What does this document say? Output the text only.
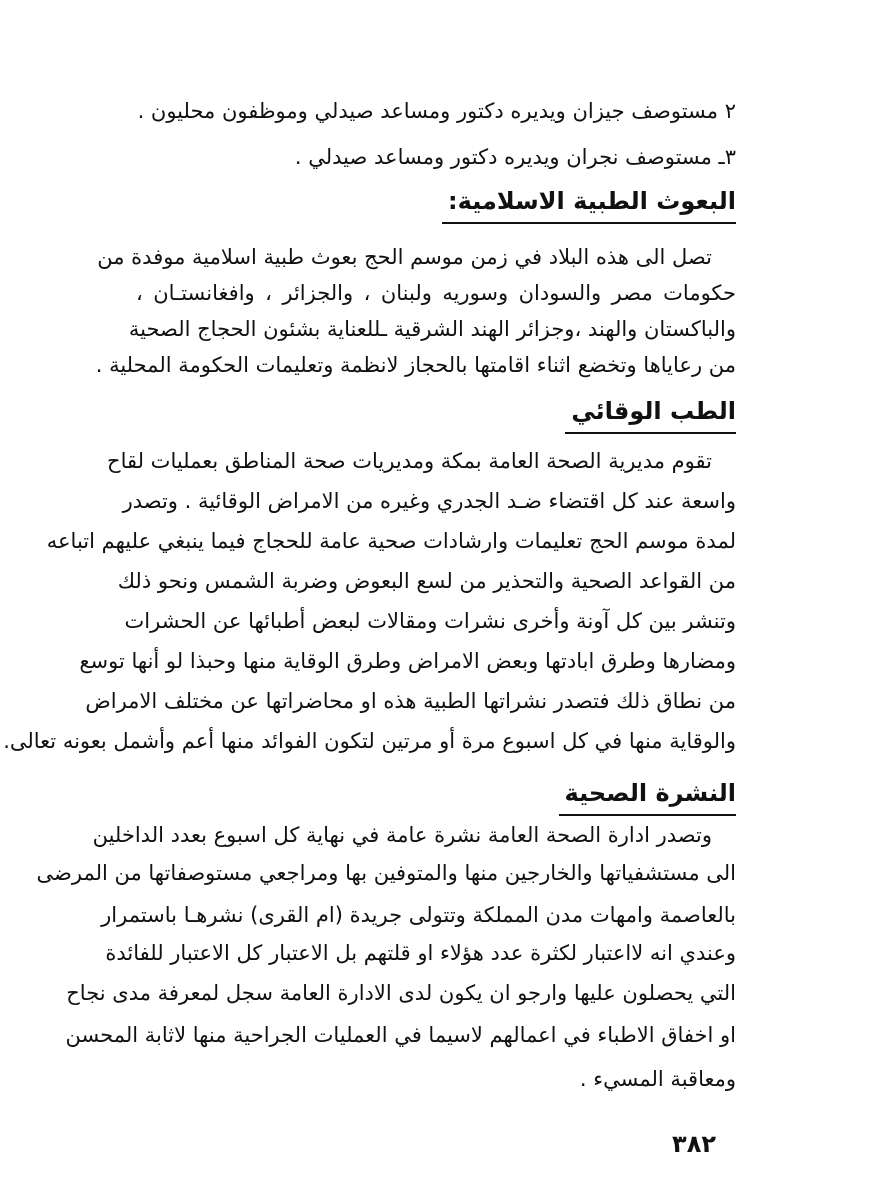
٢ مستوصف جيزان ويديره دكتور ومساعد صيدلي وموظفون محليون .
٣ـ مستوصف نجران ويديره دكتور ومساعد صيدلي .
البعوث الطبية الاسلامية:
تصل الى هذه البلاد في زمن موسم الحج بعوث طبية اسلامية موفدة من
حكومات مصر والسودان وسوريه ولبنان ، والجزائر ، وافغانستـان ،
والباكستان والهند ،وجزائر الهند الشرقية ـللعناية بشئون الحجاج الصحية
من رعاياها وتخضع اثناء اقامتها بالحجاز لانظمة وتعليمات الحكومة المحلية .
الطب الوقائي
تقوم مديرية الصحة العامة بمكة ومديريات صحة المناطق بعمليات لقاح
واسعة عند كل اقتضاء ضـد الجدري وغيره من الامراض الوقائية . وتصدر
لمدة موسم الحج تعليمات وارشادات صحية عامة للحجاج فيما ينبغي عليهم اتباعه
من القواعد الصحية والتحذير من لسع البعوض وضربة الشمس ونحو ذلك
وتنشر بين كل آونة وأخرى نشرات ومقالات لبعض أطبائها عن الحشرات
ومضارها وطرق ابادتها وبعض الامراض وطرق الوقاية منها وحبذا لو أنها توسع
من نطاق ذلك فتصدر نشراتها الطبية هذه او محاضراتها عن مختلف الامراض
والوقاية منها في كل اسبوع مرة أو مرتين لتكون الفوائد منها أعم وأشمل بعونه تعالى.
النشرة الصحية
وتصدر ادارة الصحة العامة نشرة عامة في نهاية كل اسبوع بعدد الداخلين
الى مستشفياتها والخارجين منها والمتوفين بها ومراجعي مستوصفاتها من المرضى
بالعاصمة وامهات مدن المملكة وتتولى جريدة (ام القرى) نشرهـا باستمرار
وعندي انه لااعتبار لكثرة عدد هؤلاء او قلتهم بل الاعتبار كل الاعتبار للفائدة
التي يحصلون عليها وارجو ان يكون لدى الادارة العامة سجل لمعرفة مدى نجاح
او اخفاق الاطباء في اعمالهم لاسيما في العمليات الجراحية منها لاثابة المحسن
ومعاقبة المسيء .
٣٨٢
